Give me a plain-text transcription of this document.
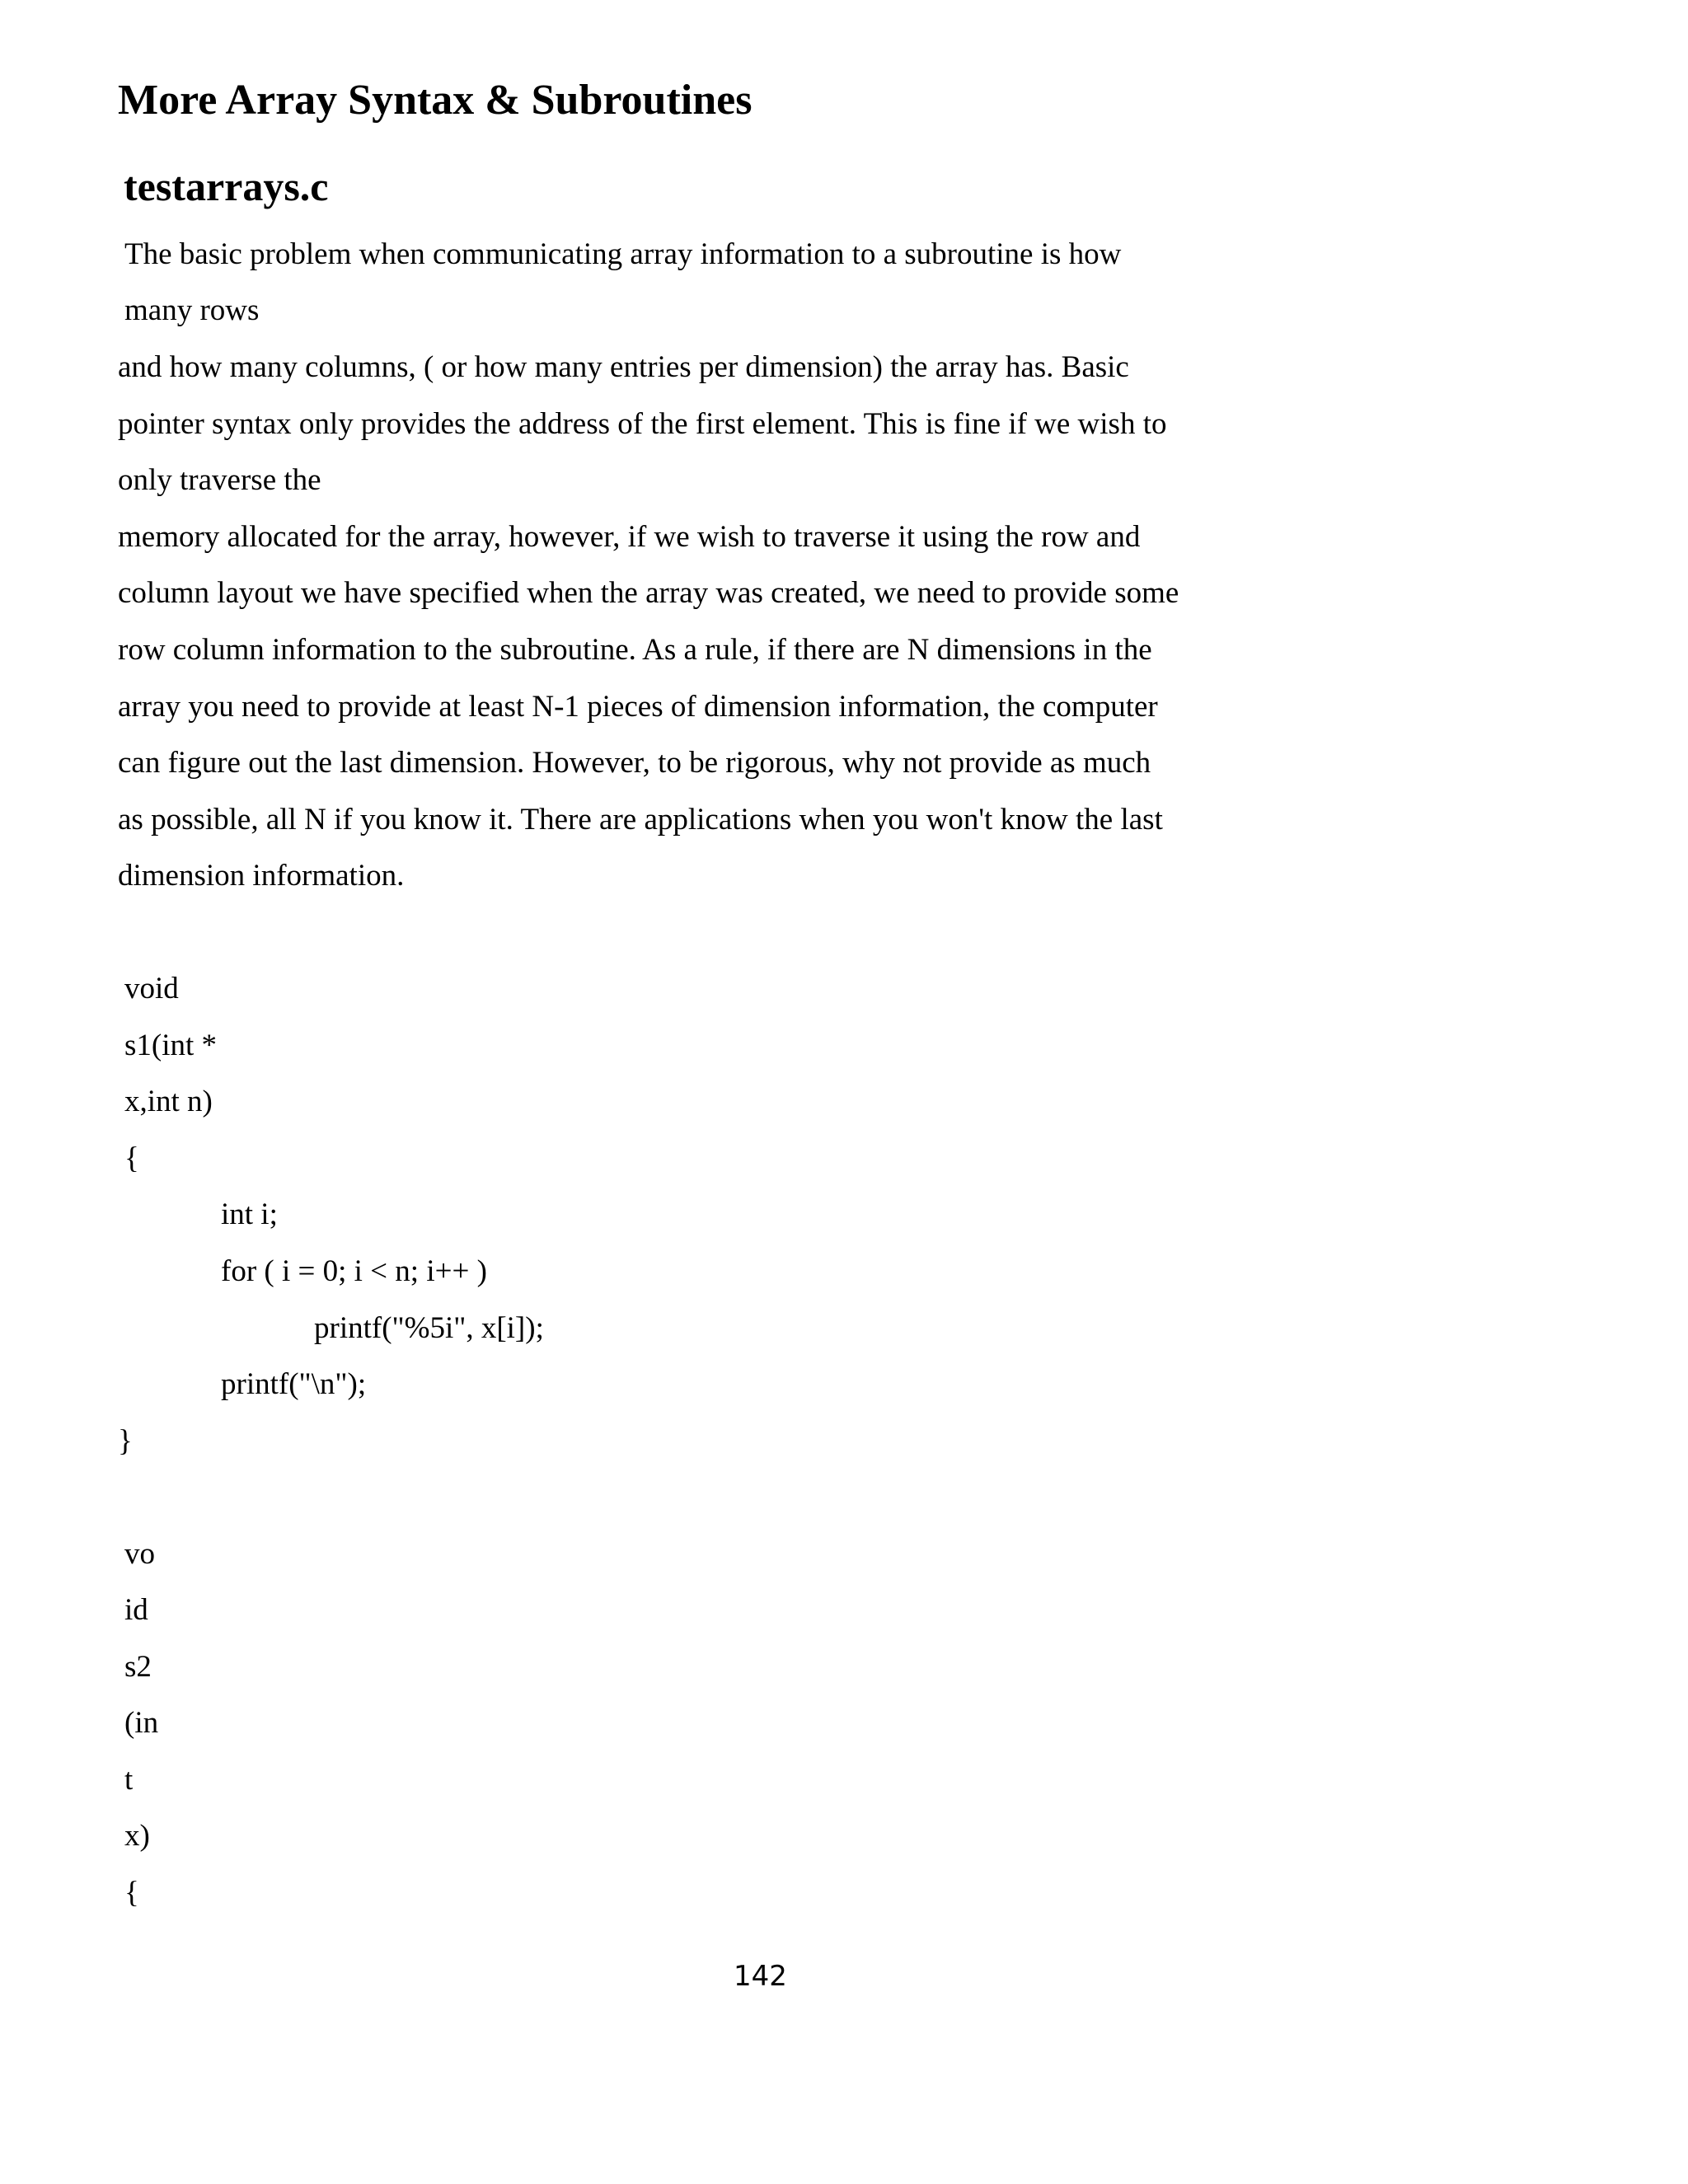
More Array Syntax & Subroutines
testarrays.c
The basic problem when communicating array information to a subroutine is how
many rows
and how many columns, ( or how many entries per dimension) the array has. Basic
pointer syntax only provides the address of the first element. This is fine if we wish to
only traverse the
memory allocated for the array, however, if we wish to traverse it using the row and
column layout we have specified when the array was created, we need to provide some
row column information to the subroutine. As a rule, if there are N dimensions in the
array you need to provide at least N-1 pieces of dimension information, the computer
can figure out the last dimension. However, to be rigorous, why not provide as much
as possible, all N if you know it. There are applications when you won't know the last
dimension information.
void
s1(int *
x,int n)
{
int i;
for ( i = 0; i < n; i++ )
printf("%5i", x[i]);
printf("\n");
}
vo
id
s2
(in
t
x)
{
142
